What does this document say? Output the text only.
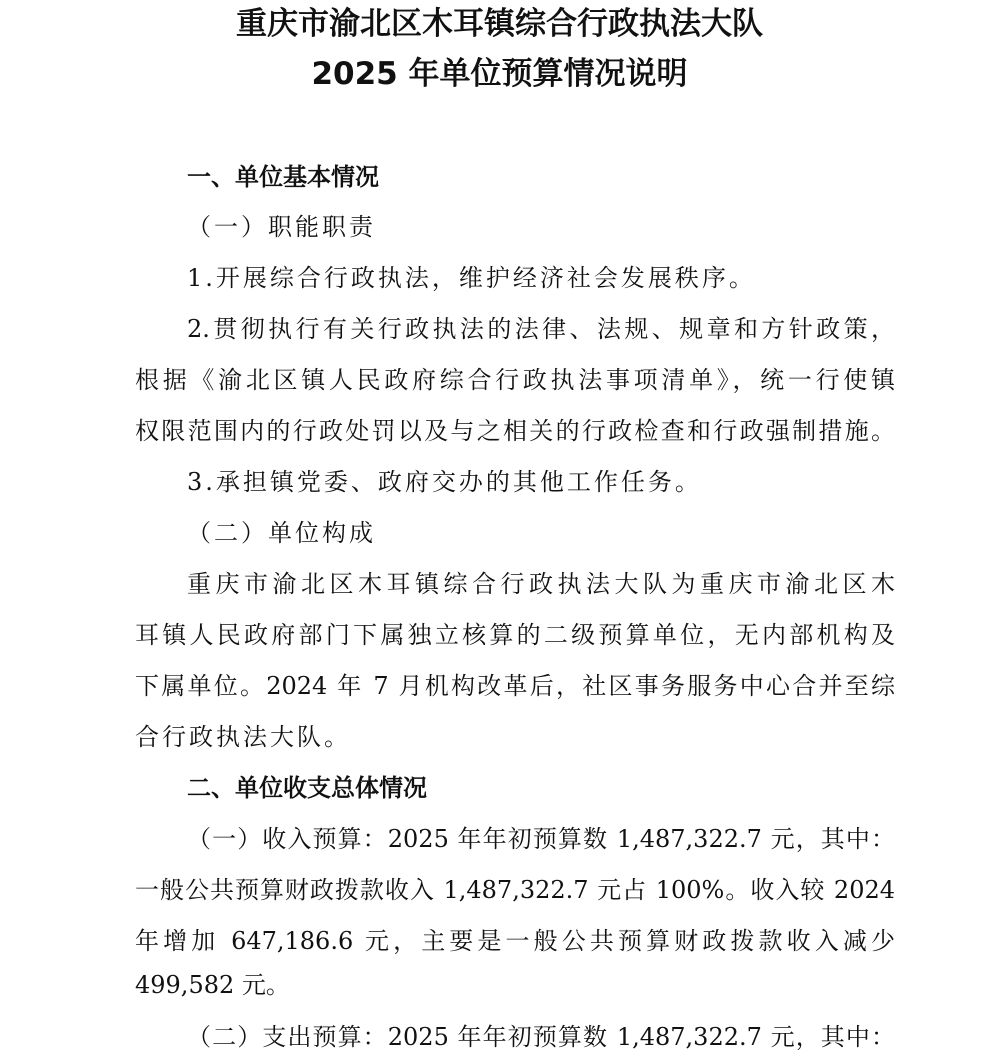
重庆市渝北区木耳镇综合行政执法大队
2025 年单位预算情况说明
一、单位基本情况
（一）职能职责
1.开展综合行政执法，维护经济社会发展秩序。
2.贯彻执行有关行政执法的法律、法规、规章和方针政策，
根据《渝北区镇人民政府综合行政执法事项清单》，统一行使镇
权限范围内的行政处罚以及与之相关的行政检查和行政强制措施。
3.承担镇党委、政府交办的其他工作任务。
（二）单位构成
重庆市渝北区木耳镇综合行政执法大队为重庆市渝北区木
耳镇人民政府部门下属独立核算的二级预算单位，无内部机构及
下属单位。2024 年 7 月机构改革后，社区事务服务中心合并至综
合行政执法大队。
二、单位收支总体情况
（一）收入预算：2025 年年初预算数 1,487,322.7 元，其中：
一般公共预算财政拨款收入 1,487,322.7 元占 100%。收入较 2024
年增加 647,186.6 元，主要是一般公共预算财政拨款收入减少
499,582 元。
（二）支出预算：2025 年年初预算数 1,487,322.7 元，其中：
